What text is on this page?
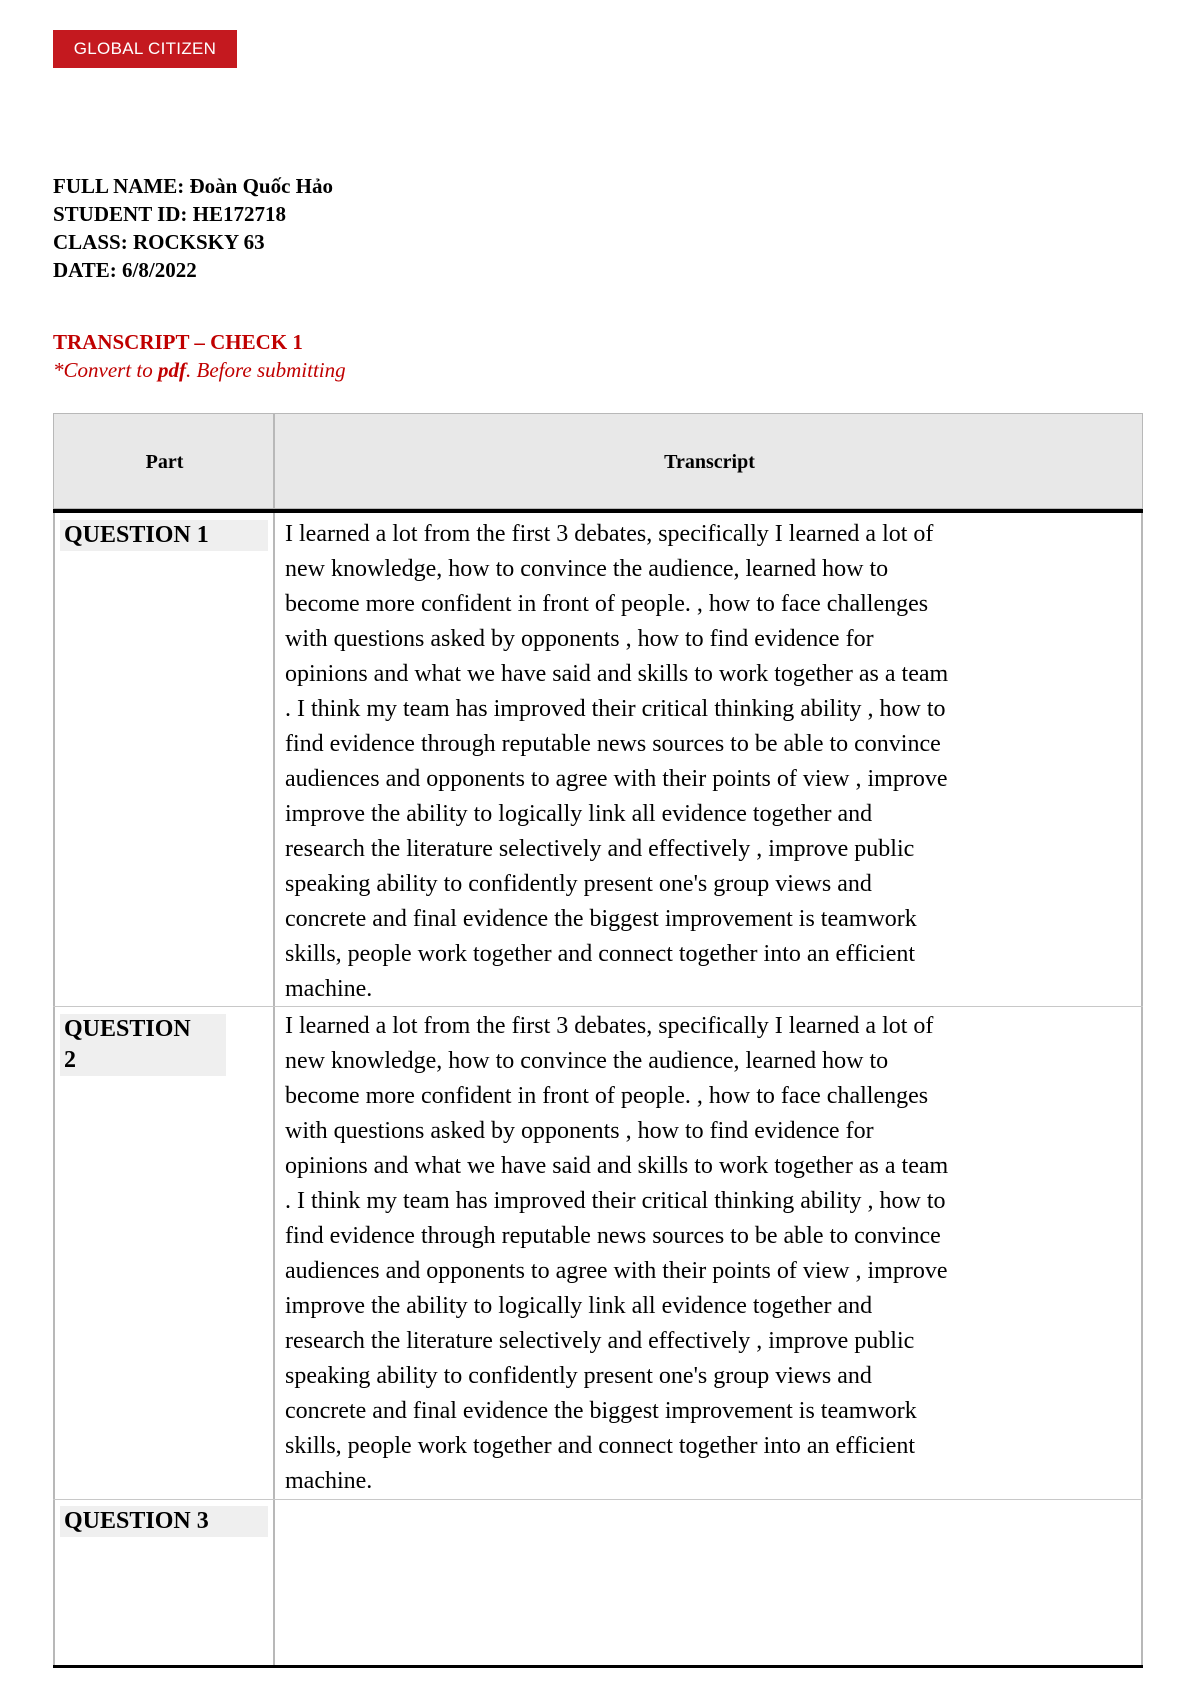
GLOBAL CITIZEN
FULL NAME: Đoàn Quốc Hảo
STUDENT ID: HE172718
CLASS: ROCKSKY 63
DATE: 6/8/2022
TRANSCRIPT – CHECK 1
*Convert to pdf. Before submitting
Part	Transcript
QUESTION 1	I learned a lot from the first 3 debates, specifically I learned a lot of
new knowledge, how to convince the audience, learned how to
become more confident in front of people. , how to face challenges
with questions asked by opponents , how to find evidence for
opinions and what we have said and skills to work together as a team
. I think my team has improved their critical thinking ability , how to
find evidence through reputable news sources to be able to convince
audiences and opponents to agree with their points of view , improve
improve the ability to logically link all evidence together and
research the literature selectively and effectively , improve public
speaking ability to confidently present one's group views and
concrete and final evidence the biggest improvement is teamwork
skills, people work together and connect together into an efficient
machine.
QUESTION
2
I learned a lot from the first 3 debates, specifically I learned a lot of
new knowledge, how to convince the audience, learned how to
become more confident in front of people. , how to face challenges
with questions asked by opponents , how to find evidence for
opinions and what we have said and skills to work together as a team
. I think my team has improved their critical thinking ability , how to
find evidence through reputable news sources to be able to convince
audiences and opponents to agree with their points of view , improve
improve the ability to logically link all evidence together and
research the literature selectively and effectively , improve public
speaking ability to confidently present one's group views and
concrete and final evidence the biggest improvement is teamwork
skills, people work together and connect together into an efficient
machine.
QUESTION 3
